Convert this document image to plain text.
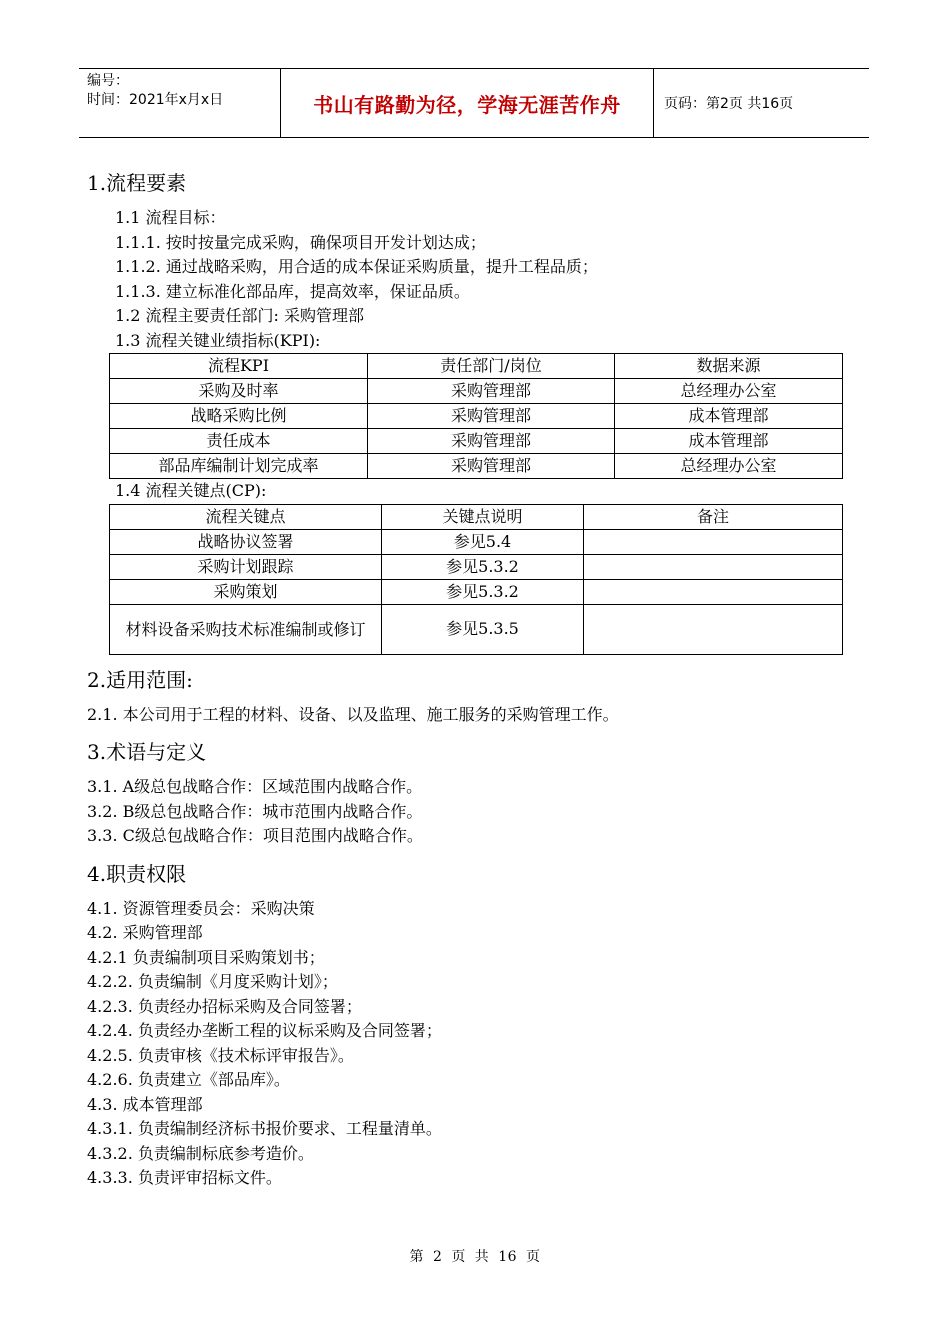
编号：
时间：2021年x月x日	书山有路勤为径，学海无涯苦作舟	页码：第2页 共16页
1.流程要素
1.1 流程目标：
1.1.1. 按时按量完成采购，确保项目开发计划达成；
1.1.2. 通过战略采购，用合适的成本保证采购质量，提升工程品质；
1.1.3. 建立标准化部品库，提高效率，保证品质。
1.2 流程主要责任部门: 采购管理部
1.3 流程关键业绩指标(KPI):
流程KPI	责任部门/岗位	数据来源
采购及时率	采购管理部	总经理办公室
战略采购比例	采购管理部	成本管理部
责任成本	采购管理部	成本管理部
部品库编制计划完成率	采购管理部	总经理办公室
1.4 流程关键点(CP):
流程关键点	关键点说明	备注
战略协议签署	参见5.4	
采购计划跟踪	参见5.3.2	
采购策划	参见5.3.2	
材料设备采购技术标准编制或修订	参见5.3.5	
2.适用范围:
2.1. 本公司用于工程的材料、设备、以及监理、施工服务的采购管理工作。
3.术语与定义
3.1. A级总包战略合作：区域范围内战略合作。
3.2. B级总包战略合作：城市范围内战略合作。
3.3. C级总包战略合作：项目范围内战略合作。
4.职责权限
4.1. 资源管理委员会：采购决策
4.2. 采购管理部
4.2.1 负责编制项目采购策划书；
4.2.2. 负责编制《月度采购计划》；
4.2.3. 负责经办招标采购及合同签署；
4.2.4. 负责经办垄断工程的议标采购及合同签署；
4.2.5. 负责审核《技术标评审报告》。
4.2.6. 负责建立《部品库》。
4.3. 成本管理部
4.3.1. 负责编制经济标书报价要求、工程量清单。
4.3.2. 负责编制标底参考造价。
4.3.3. 负责评审招标文件。
第 2 页 共 16 页
